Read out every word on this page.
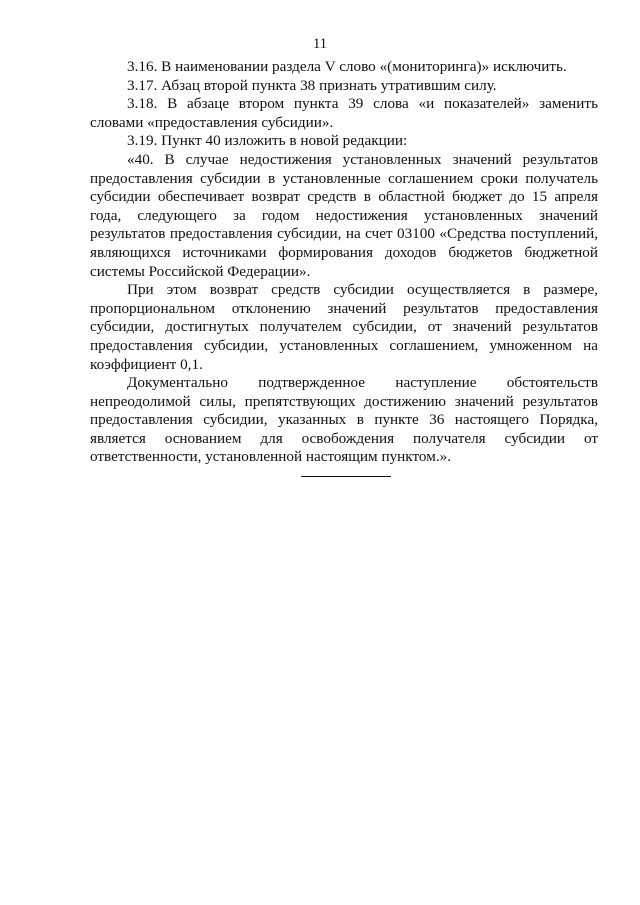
11

3.16. В наименовании раздела V слово «(мониторинга)» исключить.

3.17. Абзац второй пункта 38 признать утратившим силу.

3.18. В абзаце втором пункта 39 слова «и показателей» заменить словами «предоставления субсидии».

3.19. Пункт 40 изложить в новой редакции:

«40. В случае недостижения установленных значений результатов предоставления субсидии в установленные соглашением сроки получатель субсидии обеспечивает возврат средств в областной бюджет до 15 апреля года, следующего за годом недостижения установленных значений результатов предоставления субсидии, на счет 03100 «Средства поступлений, являющихся источниками формирования доходов бюджетов бюджетной системы Российской Федерации».

При этом возврат средств субсидии осуществляется в размере, пропорциональном отклонению значений результатов предоставления субсидии, достигнутых получателем субсидии, от значений результатов предоставления субсидии, установленных соглашением, умноженном на коэффициент 0,1.

Документально подтвержденное наступление обстоятельств непреодолимой силы, препятствующих достижению значений результатов предоставления субсидии, указанных в пункте 36 настоящего Порядка, является основанием для освобождения получателя субсидии от ответственности, установленной настоящим пунктом.».
